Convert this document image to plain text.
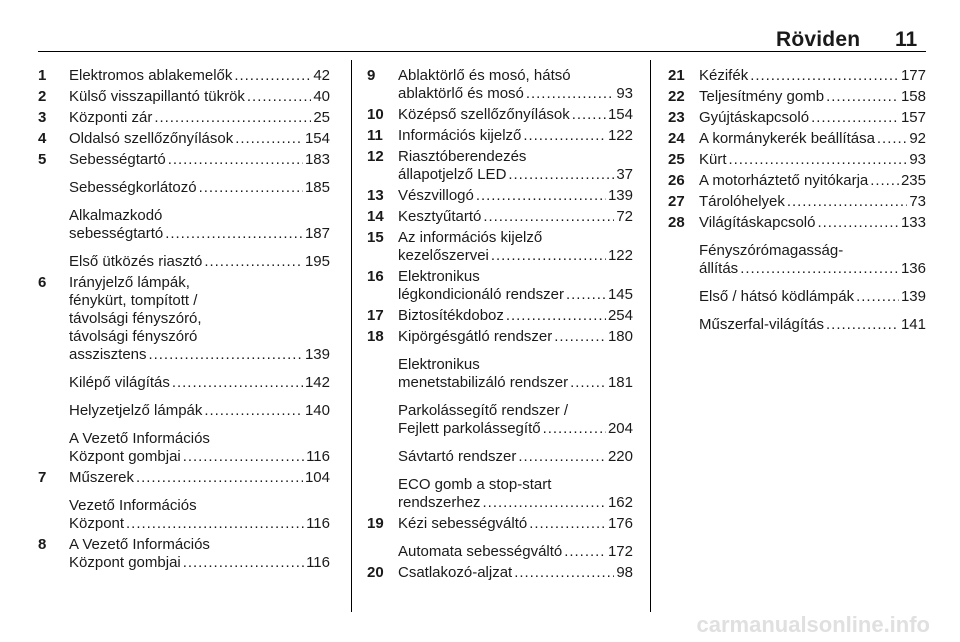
Röviden 11
1 Elektromos ablakemelők . . .	42
2 Külső visszapillantó tükrök . . .	40
3 Központi zár . . .	25
4 Oldalsó szellőzőnyílások . . .	154
5 Sebességtartó . . .	183
Sebességkorlátozó . . .	185
Alkalmazkodó
sebességtartó . . .	187
Első ütközés riasztó . . .	195
6 Irányjelző lámpák,
fénykürt, tompított /
távolsági fényszóró,
távolsági fényszóró
asszisztens . . .	139
Kilépő világítás . . .	142
Helyzetjelző lámpák . . .	140
A Vezető Információs
Központ gombjai . . .	116
7 Műszerek . . .	104
Vezető Információs
Központ . . .	116
8 A Vezető Információs
Központ gombjai . . .	116
9 Ablaktörlő és mosó, hátsó
ablaktörlő és mosó . . .	93
10 Középső szellőzőnyílások . . .	154
11 Információs kijelző . . .	122
12 Riasztóberendezés
állapotjelző LED . . .	37
13 Vészvillogó . . .	139
14 Kesztyűtartó . . .	72
15 Az információs kijelző
kezelőszervei . . .	122
16 Elektronikus
légkondicionáló rendszer . . .	145
17 Biztosítékdoboz . . .	254
18 Kipörgésgátló rendszer . . .	180
Elektronikus
menetstabilizáló rendszer . . .	181
Parkolássegítő rendszer /
Fejlett parkolássegítő . . .	204
Sávtartó rendszer . . .	220
ECO gomb a stop-start
rendszerhez . . .	162
19 Kézi sebességváltó . . .	176
Automata sebességváltó . . .	172
20 Csatlakozó-aljzat . . .	98
21 Kézifék . . .	177
22 Teljesítmény gomb . . .	158
23 Gyújtáskapcsoló . . .	157
24 A kormánykerék beállítása . . . 92
25 Kürt . . .	93
26 A motorháztető nyitókarja . . . 235
27 Tárolóhelyek . . .	73
28 Világításkapcsoló . . .	133
Fényszórómagasság-
állítás . . .	136
Első / hátsó ködlámpák . . .	139
Műszerfal-világítás . . .	141
carmanualsonline.info
